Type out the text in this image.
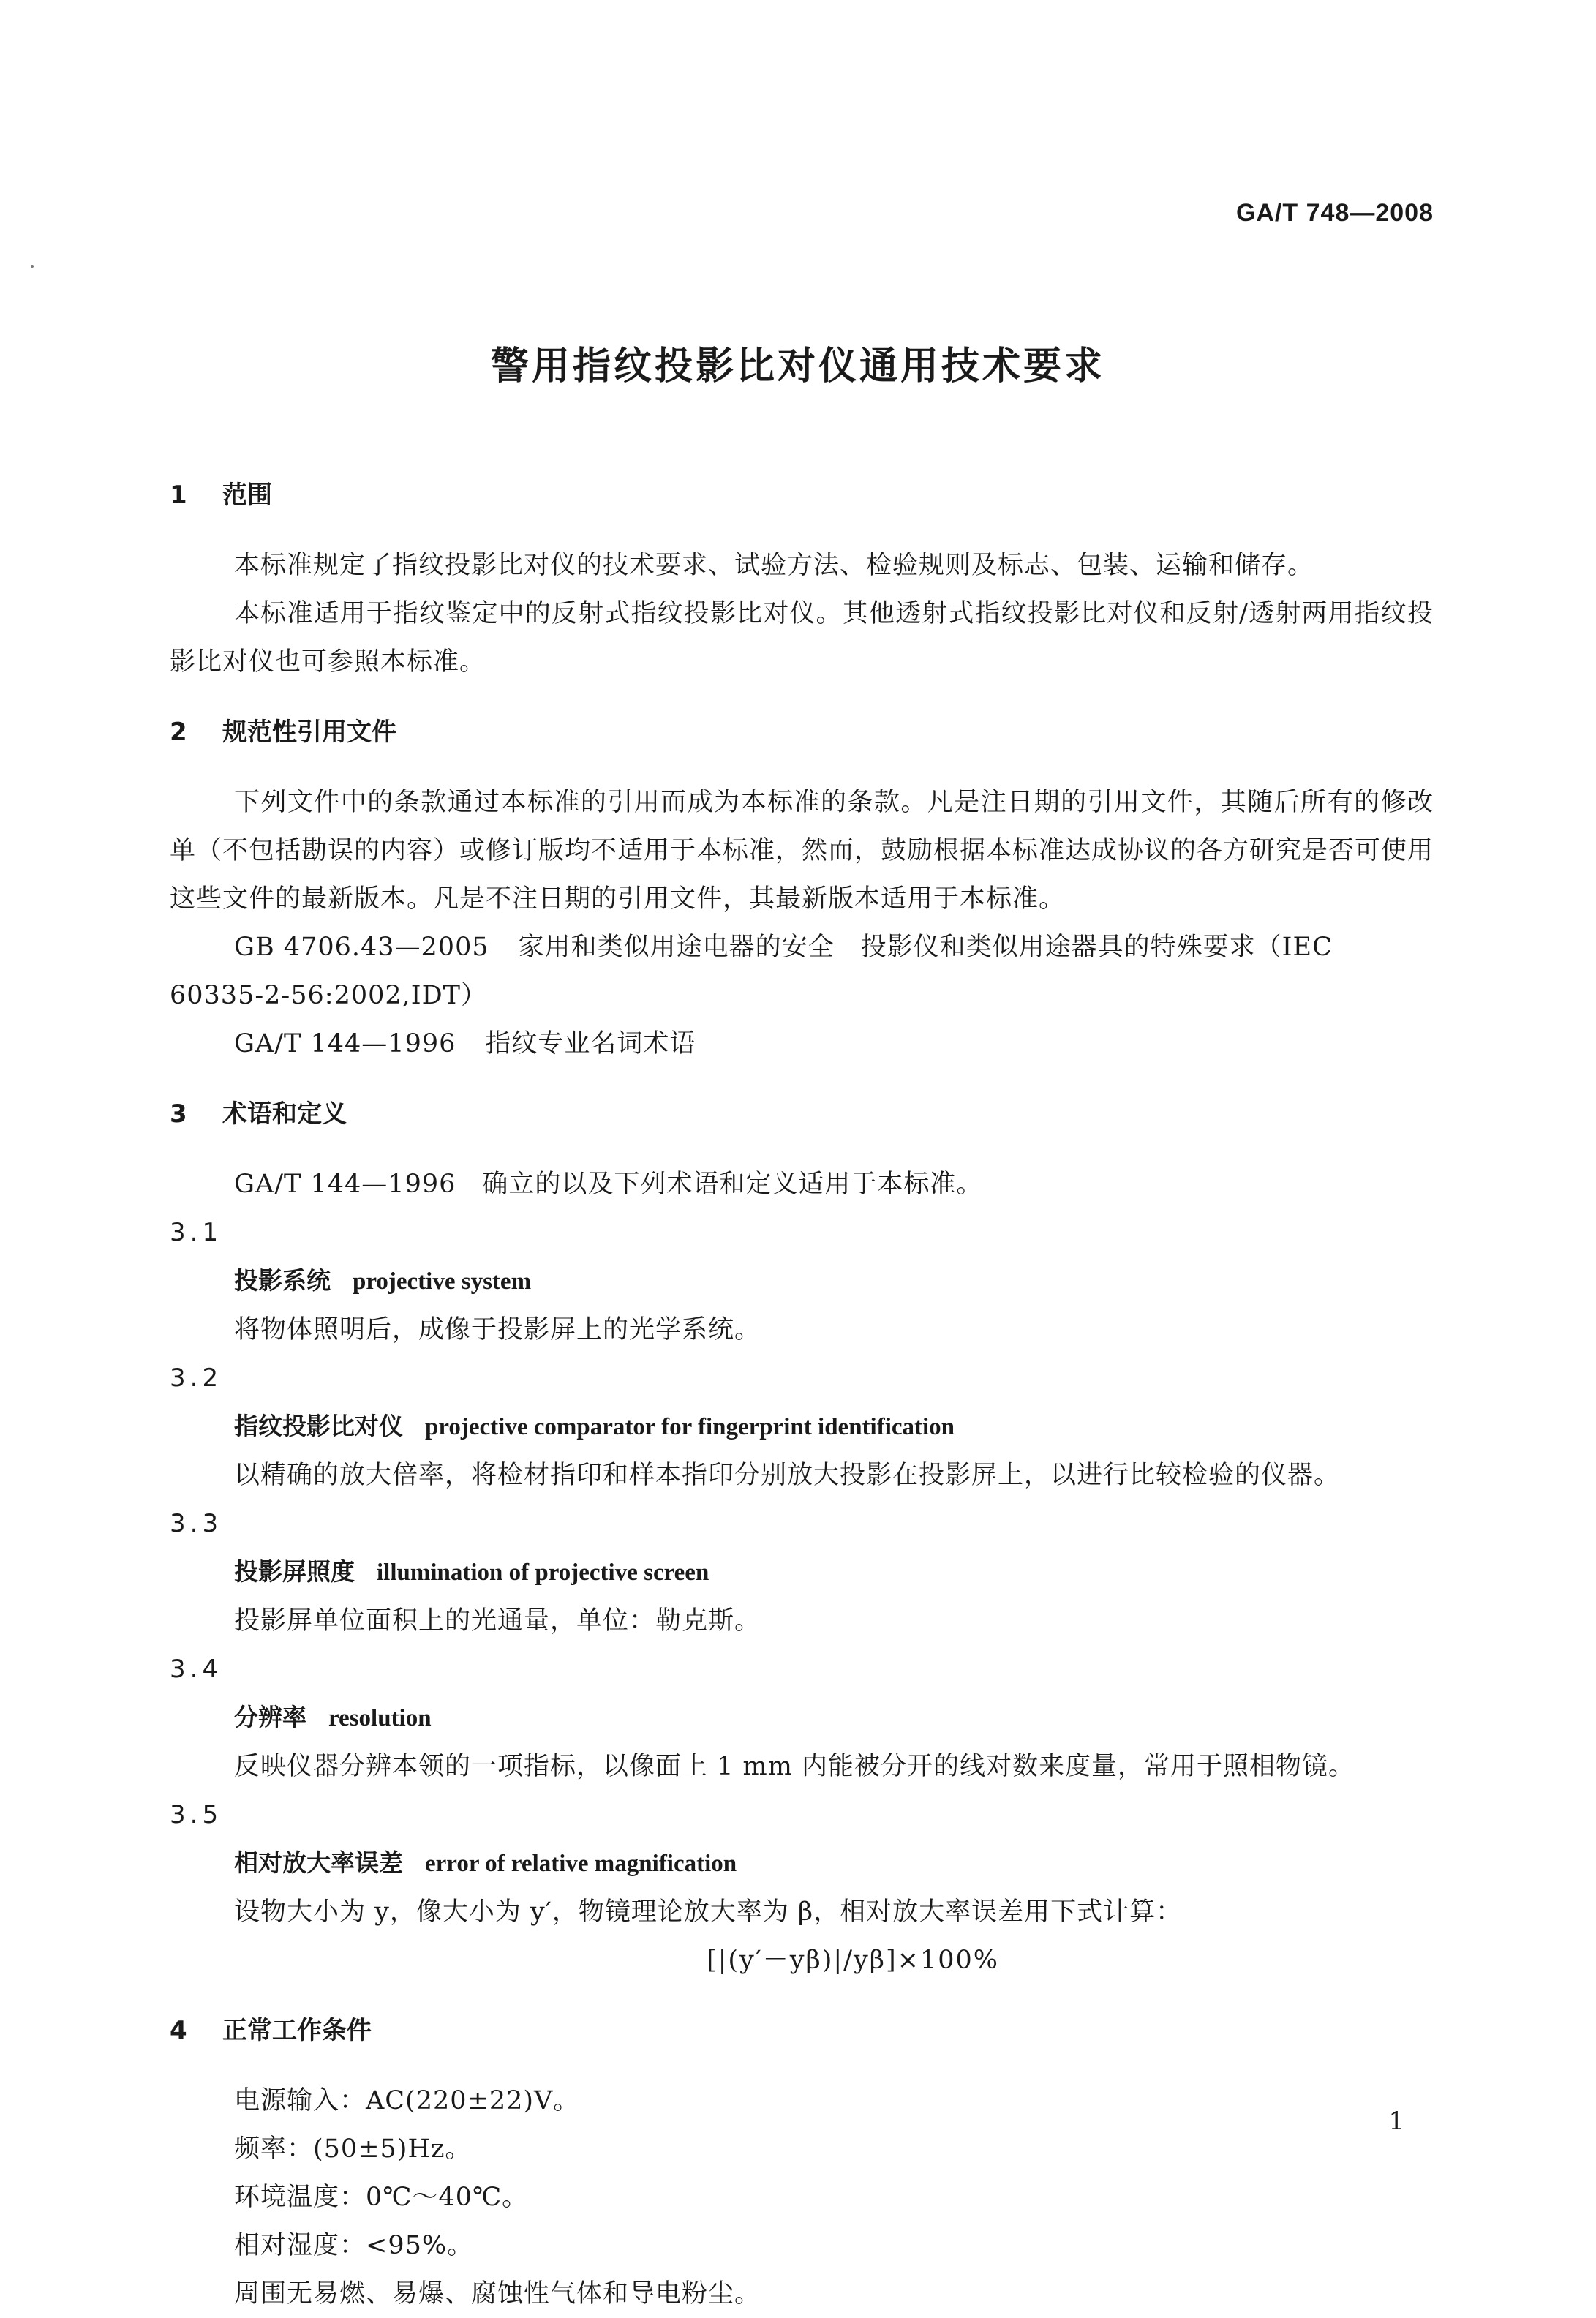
GA/T 748—2008
警用指纹投影比对仪通用技术要求
1 范围
本标准规定了指纹投影比对仪的技术要求、试验方法、检验规则及标志、包装、运输和储存。
本标准适用于指纹鉴定中的反射式指纹投影比对仪。其他透射式指纹投影比对仪和反射/透射两用指纹投影比对仪也可参照本标准。
2 规范性引用文件
下列文件中的条款通过本标准的引用而成为本标准的条款。凡是注日期的引用文件，其随后所有的修改单（不包括勘误的内容）或修订版均不适用于本标准，然而，鼓励根据本标准达成协议的各方研究是否可使用这些文件的最新版本。凡是不注日期的引用文件，其最新版本适用于本标准。
GB 4706.43—2005 家用和类似用途电器的安全　投影仪和类似用途器具的特殊要求（IEC
60335-2-56:2002,IDT）
GA/T 144—1996 指纹专业名词术语
3 术语和定义
GA/T 144—1996　确立的以及下列术语和定义适用于本标准。
3.1
投影系统 projective system
将物体照明后，成像于投影屏上的光学系统。
3.2
指纹投影比对仪 projective comparator for fingerprint identification
以精确的放大倍率，将检材指印和样本指印分别放大投影在投影屏上，以进行比较检验的仪器。
3.3
投影屏照度 illumination of projective screen
投影屏单位面积上的光通量，单位：勒克斯。
3.4
分辨率 resolution
反映仪器分辨本领的一项指标，以像面上 1 mm 内能被分开的线对数来度量，常用于照相物镜。
3.5
相对放大率误差 error of relative magnification
设物大小为 y，像大小为 y′，物镜理论放大率为 β，相对放大率误差用下式计算：
[|(y′－yβ)|/yβ]×100%
4 正常工作条件
电源输入：AC(220±22)V。
频率：(50±5)Hz。
环境温度：0℃～40℃。
相对湿度：<95%。
周围无易燃、易爆、腐蚀性气体和导电粉尘。
1
